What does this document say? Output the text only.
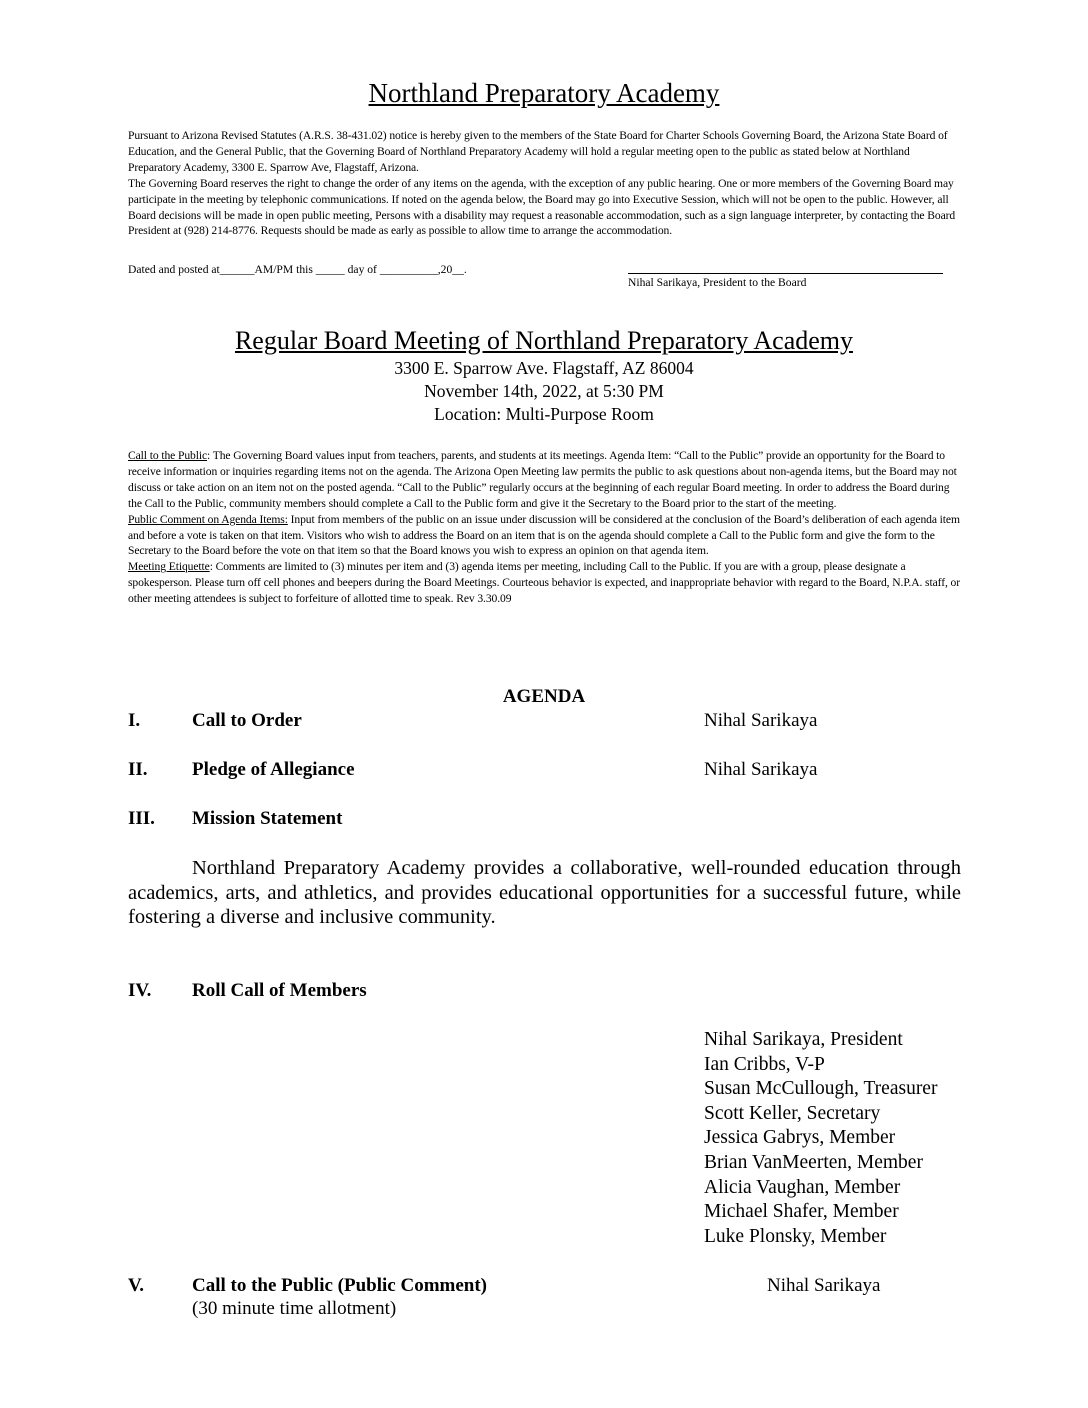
Northland Preparatory Academy

Pursuant to Arizona Revised Statutes (A.R.S. 38-431.02) notice is hereby given to the members of the State Board for Charter Schools Governing Board, the Arizona State Board of Education, and the General Public, that the Governing Board of Northland Preparatory Academy will hold a regular meeting open to the public as stated below at Northland Preparatory Academy, 3300 E. Sparrow Ave, Flagstaff, Arizona.

The Governing Board reserves the right to change the order of any items on the agenda, with the exception of any public hearing. One or more members of the Governing Board may participate in the meeting by telephonic communications. If noted on the agenda below, the Board may go into Executive Session, which will not be open to the public. However, all Board decisions will be made in open public meeting, Persons with a disability may request a reasonable accommodation, such as a sign language interpreter, by contacting the Board President at (928) 214-8776. Requests should be made as early as possible to allow time to arrange the accommodation.

Dated and posted at______AM/PM this _____ day of __________,20__.
Nihal Sarikaya, President to the Board
Regular Board Meeting of Northland Preparatory Academy
3300 E. Sparrow Ave. Flagstaff, AZ 86004
November 14th, 2022, at 5:30 PM
Location: Multi-Purpose Room

Call to the Public: The Governing Board values input from teachers, parents, and students at its meetings. Agenda Item: “Call to the Public” provide an opportunity for the Board to receive information or inquiries regarding items not on the agenda. The Arizona Open Meeting law permits the public to ask questions about non-agenda items, but the Board may not discuss or take action on an item not on the posted agenda. “Call to the Public” regularly occurs at the beginning of each regular Board meeting. In order to address the Board during the Call to the Public, community members should complete a Call to the Public form and give it the Secretary to the Board prior to the start of the meeting.

Public Comment on Agenda Items: Input from members of the public on an issue under discussion will be considered at the conclusion of the Board’s deliberation of each agenda item and before a vote is taken on that item. Visitors who wish to address the Board on an item that is on the agenda should complete a Call to the Public form and give the form to the Secretary to the Board before the vote on that item so that the Board knows you wish to express an opinion on that agenda item.

Meeting Etiquette: Comments are limited to (3) minutes per item and (3) agenda items per meeting, including Call to the Public. If you are with a group, please designate a spokesperson. Please turn off cell phones and beepers during the Board Meetings. Courteous behavior is expected, and inappropriate behavior with regard to the Board, N.P.A. staff, or other meeting attendees is subject to forfeiture of allotted time to speak. Rev 3.30.09

AGENDA
I.	Call to Order	Nihal Sarikaya
II. Pledge of Allegiance	Nihal Sarikaya
III. Mission Statement
Northland Preparatory Academy provides a collaborative, well-rounded education through academics, arts, and athletics, and provides educational opportunities for a successful future, while fostering a diverse and inclusive community.
IV. Roll Call of Members
Nihal Sarikaya, President
Ian Cribbs, V-P
Susan McCullough, Treasurer
Scott Keller, Secretary
Jessica Gabrys, Member
Brian VanMeerten, Member
Alicia Vaughan, Member
Michael Shafer, Member
Luke Plonsky, Member
V.	Call to the Public (Public Comment)	Nihal Sarikaya
(30 minute time allotment)
